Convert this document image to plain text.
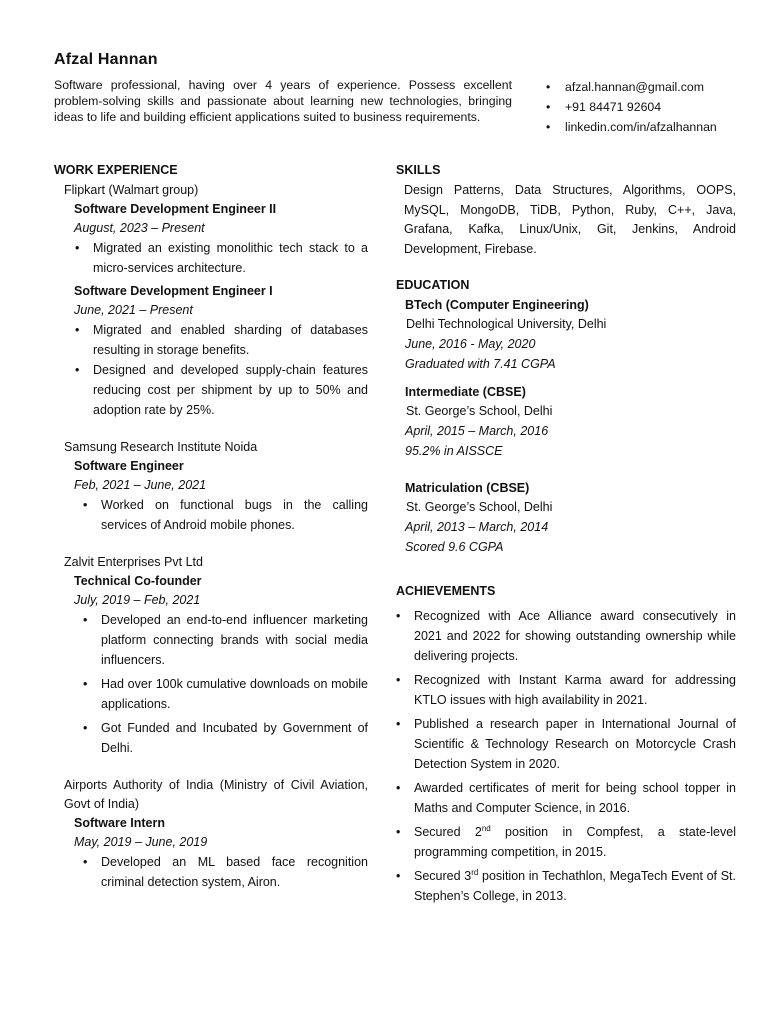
Afzal Hannan
Software professional, having over 4 years of experience. Possess excellent problem-solving skills and passionate about learning new technologies, bringing ideas to life and building efficient applications suited to business requirements.
• afzal.hannan@gmail.com
• +91 84471 92604
• linkedin.com/in/afzalhannan
WORK EXPERIENCE
Flipkart (Walmart group)
Software Development Engineer II
August, 2023 – Present
• Migrated an existing monolithic tech stack to a micro-services architecture.
Software Development Engineer I
June, 2021 – Present
• Migrated and enabled sharding of databases resulting in storage benefits.
• Designed and developed supply-chain features reducing cost per shipment by up to 50% and adoption rate by 25%.
Samsung Research Institute Noida
Software Engineer
Feb, 2021 – June, 2021
• Worked on functional bugs in the calling services of Android mobile phones.
Zalvit Enterprises Pvt Ltd
Technical Co-founder
July, 2019 – Feb, 2021
• Developed an end-to-end influencer marketing platform connecting brands with social media influencers.
• Had over 100k cumulative downloads on mobile applications.
• Got Funded and Incubated by Government of Delhi.
Airports Authority of India (Ministry of Civil Aviation, Govt of India)
Software Intern
May, 2019 – June, 2019
• Developed an ML based face recognition criminal detection system, Airon.
SKILLS
Design Patterns, Data Structures, Algorithms, OOPS, MySQL, MongoDB, TiDB, Python, Ruby, C++, Java, Grafana, Kafka, Linux/Unix, Git, Jenkins, Android Development, Firebase.
EDUCATION
BTech (Computer Engineering)
Delhi Technological University, Delhi
June, 2016 - May, 2020
Graduated with 7.41 CGPA
Intermediate (CBSE)
St. George’s School, Delhi
April, 2015 – March, 2016
95.2% in AISSCE
Matriculation (CBSE)
St. George’s School, Delhi
April, 2013 – March, 2014
Scored 9.6 CGPA
ACHIEVEMENTS
• Recognized with Ace Alliance award consecutively in 2021 and 2022 for showing outstanding ownership while delivering projects.
• Recognized with Instant Karma award for addressing KTLO issues with high availability in 2021.
• Published a research paper in International Journal of Scientific & Technology Research on Motorcycle Crash Detection System in 2020.
• Awarded certificates of merit for being school topper in Maths and Computer Science, in 2016.
• Secured 2nd position in Compfest, a state-level programming competition, in 2015.
• Secured 3rd position in Techathlon, MegaTech Event of St. Stephen’s College, in 2013.
